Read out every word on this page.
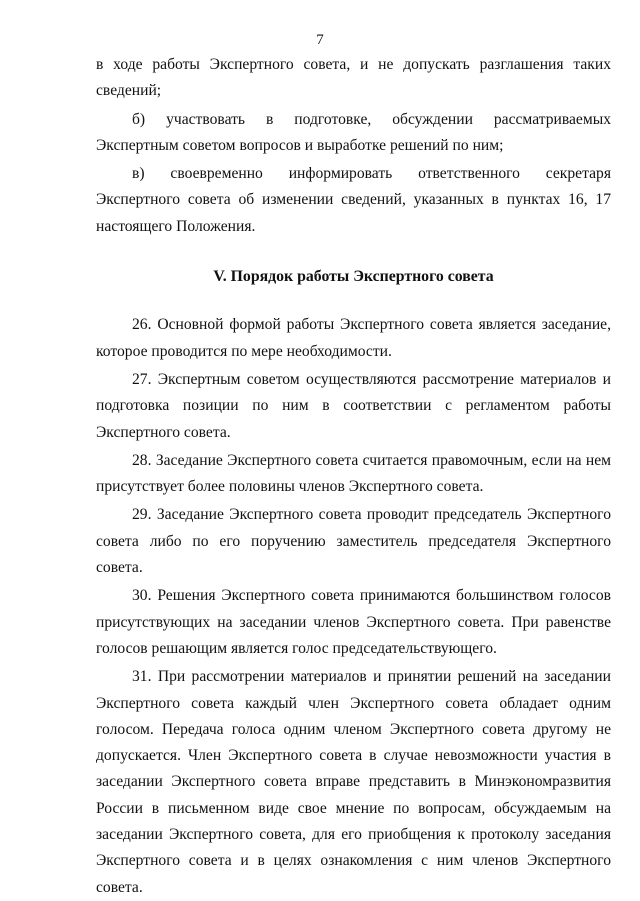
7

в ходе работы Экспертного совета, и не допускать разглашения таких сведений;

б) участвовать в подготовке, обсуждении рассматриваемых Экспертным советом вопросов и выработке решений по ним;

в) своевременно информировать ответственного секретаря Экспертного совета об изменении сведений, указанных в пунктах 16, 17 настоящего Положения.

V. Порядок работы Экспертного совета

26. Основной формой работы Экспертного совета является заседание, которое проводится по мере необходимости.

27. Экспертным советом осуществляются рассмотрение материалов и подготовка позиции по ним в соответствии с регламентом работы Экспертного совета.

28. Заседание Экспертного совета считается правомочным, если на нем присутствует более половины членов Экспертного совета.

29. Заседание Экспертного совета проводит председатель Экспертного совета либо по его поручению заместитель председателя Экспертного совета.

30. Решения Экспертного совета принимаются большинством голосов присутствующих на заседании членов Экспертного совета. При равенстве голосов решающим является голос председательствующего.

31. При рассмотрении материалов и принятии решений на заседании Экспертного совета каждый член Экспертного совета обладает одним голосом. Передача голоса одним членом Экспертного совета другому не допускается. Член Экспертного совета в случае невозможности участия в заседании Экспертного совета вправе представить в Минэкономразвития России в письменном виде свое мнение по вопросам, обсуждаемым на заседании Экспертного совета, для его приобщения к протоколу заседания Экспертного совета и в целях ознакомления с ним членов Экспертного совета.
